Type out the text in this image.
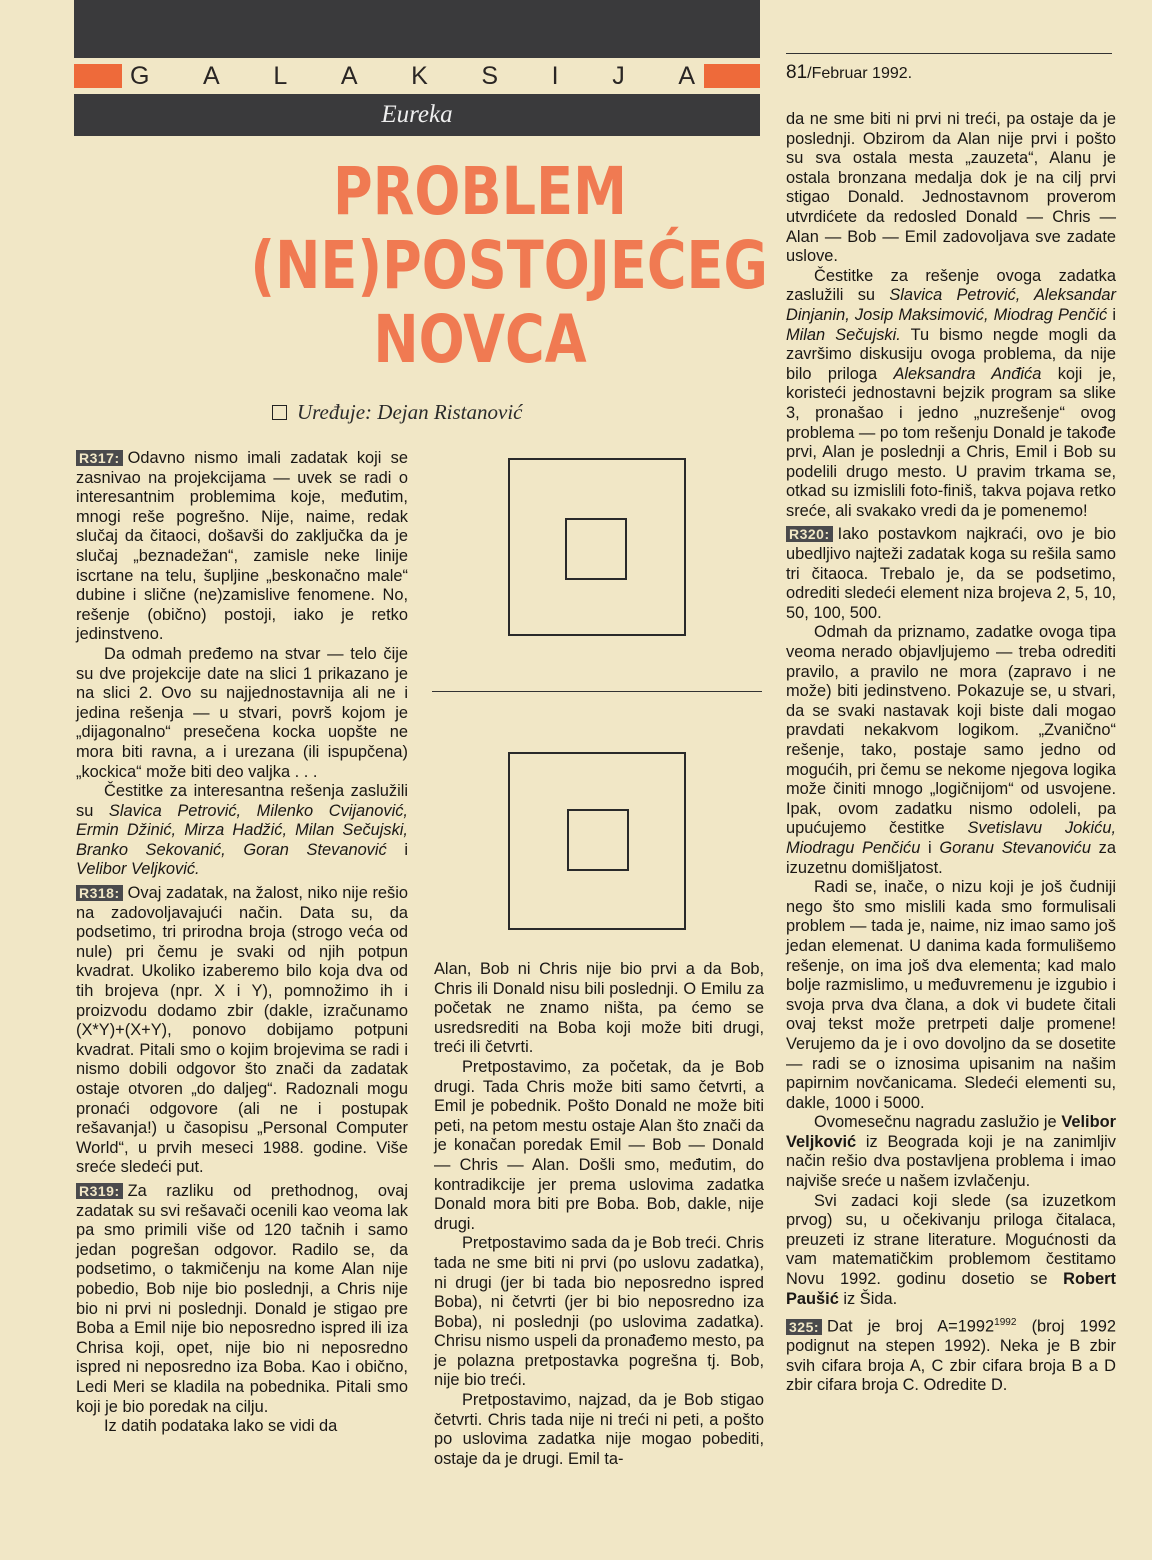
G A L A K S I J A	81/Februar 1992.
Eureka
PROBLEM
(NE)POSTOJEĆEG
NOVCA
Uređuje: Dejan Ristanović

R317: Odavno nismo imali zadatak koji se zasnivao na projekcijama — uvek se radi o interesantnim problemima koje, međutim, mnogi reše pogrešno. Nije, naime, redak slučaj da čitaoci, došavši do zaključka da je slučaj „beznadežan“, zamisle neke linije iscrtane na telu, šupljine „beskonačno male“ dubine i slične (ne)zamislive fenomene. No, rešenje (obično) postoji, iako je retko jedinstveno.

Da odmah pređemo na stvar — telo čije su dve projekcije date na slici 1 prikazano je na slici 2. Ovo su najjednostavnija ali ne i jedina rešenja — u stvari, površ kojom je „dijagonalno“ presečena kocka uopšte ne mora biti ravna, a i urezana (ili ispupčena) „kockica“ može biti deo valjka . . .

Čestitke za interesantna rešenja zaslužili su Slavica Petrović, Milenko Cvijanović, Ermin Džinić, Mirza Hadžić, Milan Sečujski, Branko Sekovanić, Goran Stevanović i Velibor Veljković.

R318: Ovaj zadatak, na žalost, niko nije rešio na zadovoljavajući način. Data su, da podsetimo, tri prirodna broja (strogo veća od nule) pri čemu je svaki od njih potpun kvadrat. Ukoliko izaberemo bilo koja dva od tih brojeva (npr. X i Y), pomnožimo ih i proizvodu dodamo zbir (dakle, izračunamo (X*Y)+(X+Y), ponovo dobijamo potpuni kvadrat. Pitali smo o kojim brojevima se radi i nismo dobili odgovor što znači da zadatak ostaje otvoren „do daljeg“. Radoznali mogu pronaći odgovore (ali ne i postupak rešavanja!) u časopisu „Personal Computer World“, u prvih meseci 1988. godine. Više sreće sledeći put.

R319: Za razliku od prethodnog, ovaj zadatak su svi rešavači ocenili kao veoma lak pa smo primili više od 120 tačnih i samo jedan pogrešan odgovor. Radilo se, da podsetimo, o takmičenju na kome Alan nije pobedio, Bob nije bio poslednji, a Chris nije bio ni prvi ni poslednji. Donald je stigao pre Boba a Emil nije bio neposredno ispred ili iza Chrisa koji, opet, nije bio ni neposredno ispred ni neposredno iza Boba. Kao i obično, Ledi Meri se kladila na pobednika. Pitali smo koji je bio poredak na cilju.

Iz datih podataka lako se vidi da

Alan, Bob ni Chris nije bio prvi a da Bob, Chris ili Donald nisu bili poslednji. O Emilu za početak ne znamo ništa, pa ćemo se usredsrediti na Boba koji može biti drugi, treći ili četvrti.

Pretpostavimo, za početak, da je Bob drugi. Tada Chris može biti samo četvrti, a Emil je pobednik. Pošto Donald ne može biti peti, na petom mestu ostaje Alan što znači da je konačan poredak Emil — Bob — Donald — Chris — Alan. Došli smo, međutim, do kontradikcije jer prema uslovima zadatka Donald mora biti pre Boba. Bob, dakle, nije drugi.

Pretpostavimo sada da je Bob treći. Chris tada ne sme biti ni prvi (po uslovu zadatka), ni drugi (jer bi tada bio neposredno ispred Boba), ni četvrti (jer bi bio neposredno iza Boba), ni poslednji (po uslovima zadatka). Chrisu nismo uspeli da pronađemo mesto, pa je polazna pretpostavka pogrešna tj. Bob, nije bio treći.

Pretpostavimo, najzad, da je Bob stigao četvrti. Chris tada nije ni treći ni peti, a pošto po uslovima zadatka nije mogao pobediti, ostaje da je drugi. Emil ta-

da ne sme biti ni prvi ni treći, pa ostaje da je poslednji. Obzirom da Alan nije prvi i pošto su sva ostala mesta „zauzeta“, Alanu je ostala bronzana medalja dok je na cilj prvi stigao Donald. Jednostavnom proverom utvrdićete da redosled Donald — Chris — Alan — Bob — Emil zadovoljava sve zadate uslove.

Čestitke za rešenje ovoga zadatka zaslužili su Slavica Petrović, Aleksandar Dinjanin, Josip Maksimović, Miodrag Penčić i Milan Sečujski. Tu bismo negde mogli da završimo diskusiju ovoga problema, da nije bilo priloga Aleksandra Anđića koji je, koristeći jednostavni bejzik program sa slike 3, pronašao i jedno „nuzrešenje“ ovog problema — po tom rešenju Donald je takođe prvi, Alan je poslednji a Chris, Emil i Bob su podelili drugo mesto. U pravim trkama se, otkad su izmislili foto-finiš, takva pojava retko sreće, ali svakako vredi da je pomenemo!

R320: Iako postavkom najkraći, ovo je bio ubedljivo najteži zadatak koga su rešila samo tri čitaoca. Trebalo je, da se podsetimo, odrediti sledeći element niza brojeva 2, 5, 10, 50, 100, 500.

Odmah da priznamo, zadatke ovoga tipa veoma nerado objavljujemo — treba odrediti pravilo, a pravilo ne mora (zapravo i ne može) biti jedinstveno. Pokazuje se, u stvari, da se svaki nastavak koji biste dali mogao pravdati nekakvom logikom. „Zvanično“ rešenje, tako, postaje samo jedno od mogućih, pri čemu se nekome njegova logika može činiti mnogo „logičnijom“ od usvojene. Ipak, ovom zadatku nismo odoleli, pa upućujemo čestitke Svetislavu Jokiću, Miodragu Penčiću i Goranu Stevanoviću za izuzetnu domišljatost.

Radi se, inače, o nizu koji je još čudniji nego što smo mislili kada smo formulisali problem — tada je, naime, niz imao samo još jedan elemenat. U danima kada formulišemo rešenje, on ima još dva elementa; kad malo bolje razmislimo, u međuvremenu je izgubio i svoja prva dva člana, a dok vi budete čitali ovaj tekst može pretrpeti dalje promene! Verujemo da je i ovo dovoljno da se dosetite — radi se o iznosima upisanim na našim papirnim novčanicama. Sledeći elementi su, dakle, 1000 i 5000.

Ovomesečnu nagradu zaslužio je Velibor Veljković iz Beograda koji je na zanimljiv način rešio dva postavljena problema i imao najviše sreće u našem izvlačenju.

Svi zadaci koji slede (sa izuzetkom prvog) su, u očekivanju priloga čitalaca, preuzeti iz strane literature. Mogućnosti da vam matematičkim problemom čestitamo Novu 1992. godinu dosetio se Robert Paušić iz Šida.

325: Dat je broj $A=1992^{1992}$ (broj 1992 podignut na stepen 1992). Neka je B zbir svih cifara broja A, C zbir cifara broja B a D zbir cifara broja C. Odredite D.
